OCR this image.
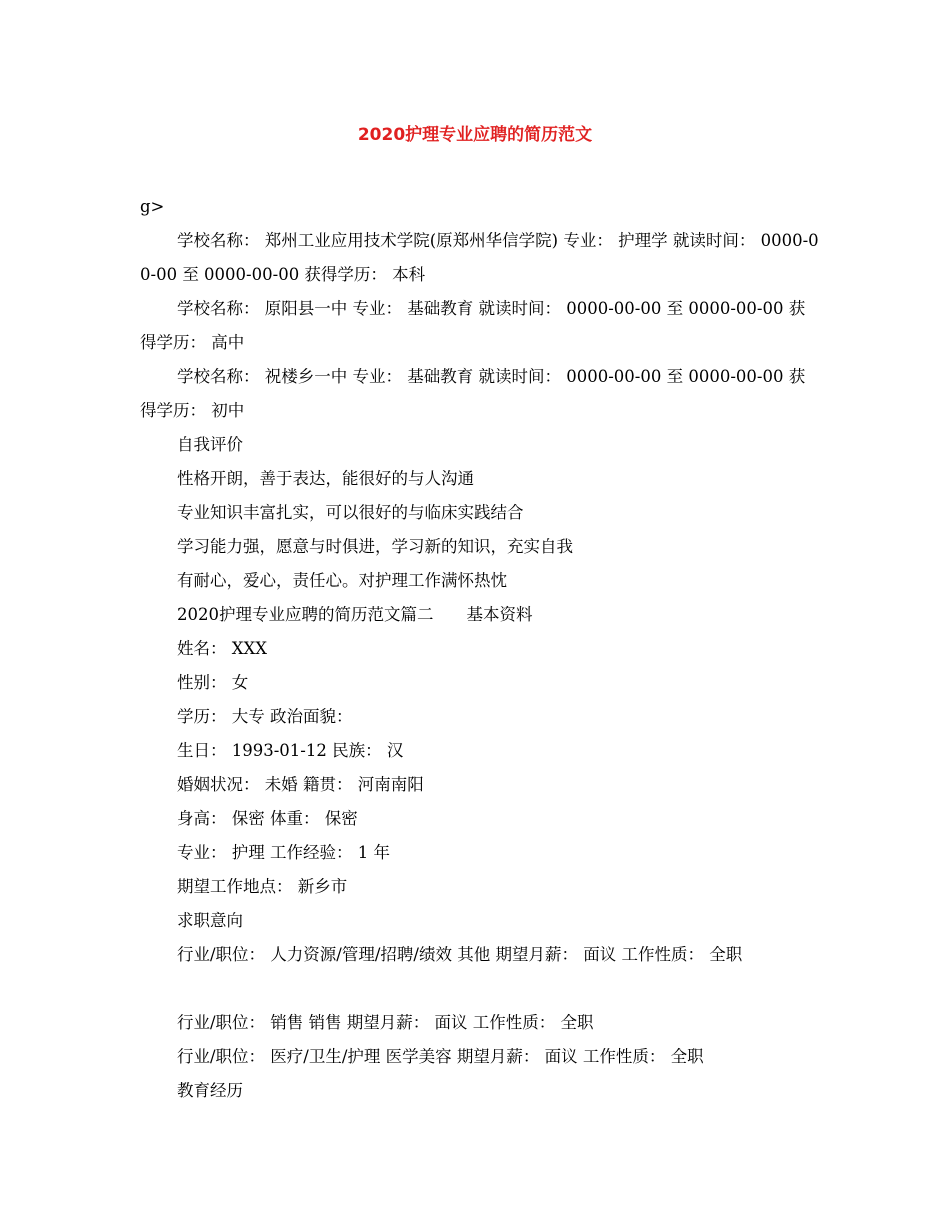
2020护理专业应聘的简历范文
g>
学校名称： 郑州工业应用技术学院(原郑州华信学院) 专业： 护理学 就读时间： 0000-00-00 至 0000-00-00 获得学历： 本科
学校名称： 原阳县一中 专业： 基础教育 就读时间： 0000-00-00 至 0000-00-00 获得学历： 高中
学校名称： 祝楼乡一中 专业： 基础教育 就读时间： 0000-00-00 至 0000-00-00 获得学历： 初中
自我评价
性格开朗，善于表达，能很好的与人沟通
专业知识丰富扎实，可以很好的与临床实践结合
学习能力强，愿意与时俱进，学习新的知识，充实自我
有耐心，爱心，责任心。对护理工作满怀热忱
2020护理专业应聘的简历范文篇二　　基本资料
姓名： XXX
性别： 女
学历： 大专 政治面貌：
生日： 1993-01-12 民族： 汉
婚姻状况： 未婚 籍贯： 河南南阳
身高： 保密 体重： 保密
专业： 护理 工作经验： 1 年
期望工作地点： 新乡市
求职意向
行业/职位： 人力资源/管理/招聘/绩效 其他 期望月薪： 面议 工作性质： 全职
行业/职位： 销售 销售 期望月薪： 面议 工作性质： 全职
行业/职位： 医疗/卫生/护理 医学美容 期望月薪： 面议 工作性质： 全职
教育经历
